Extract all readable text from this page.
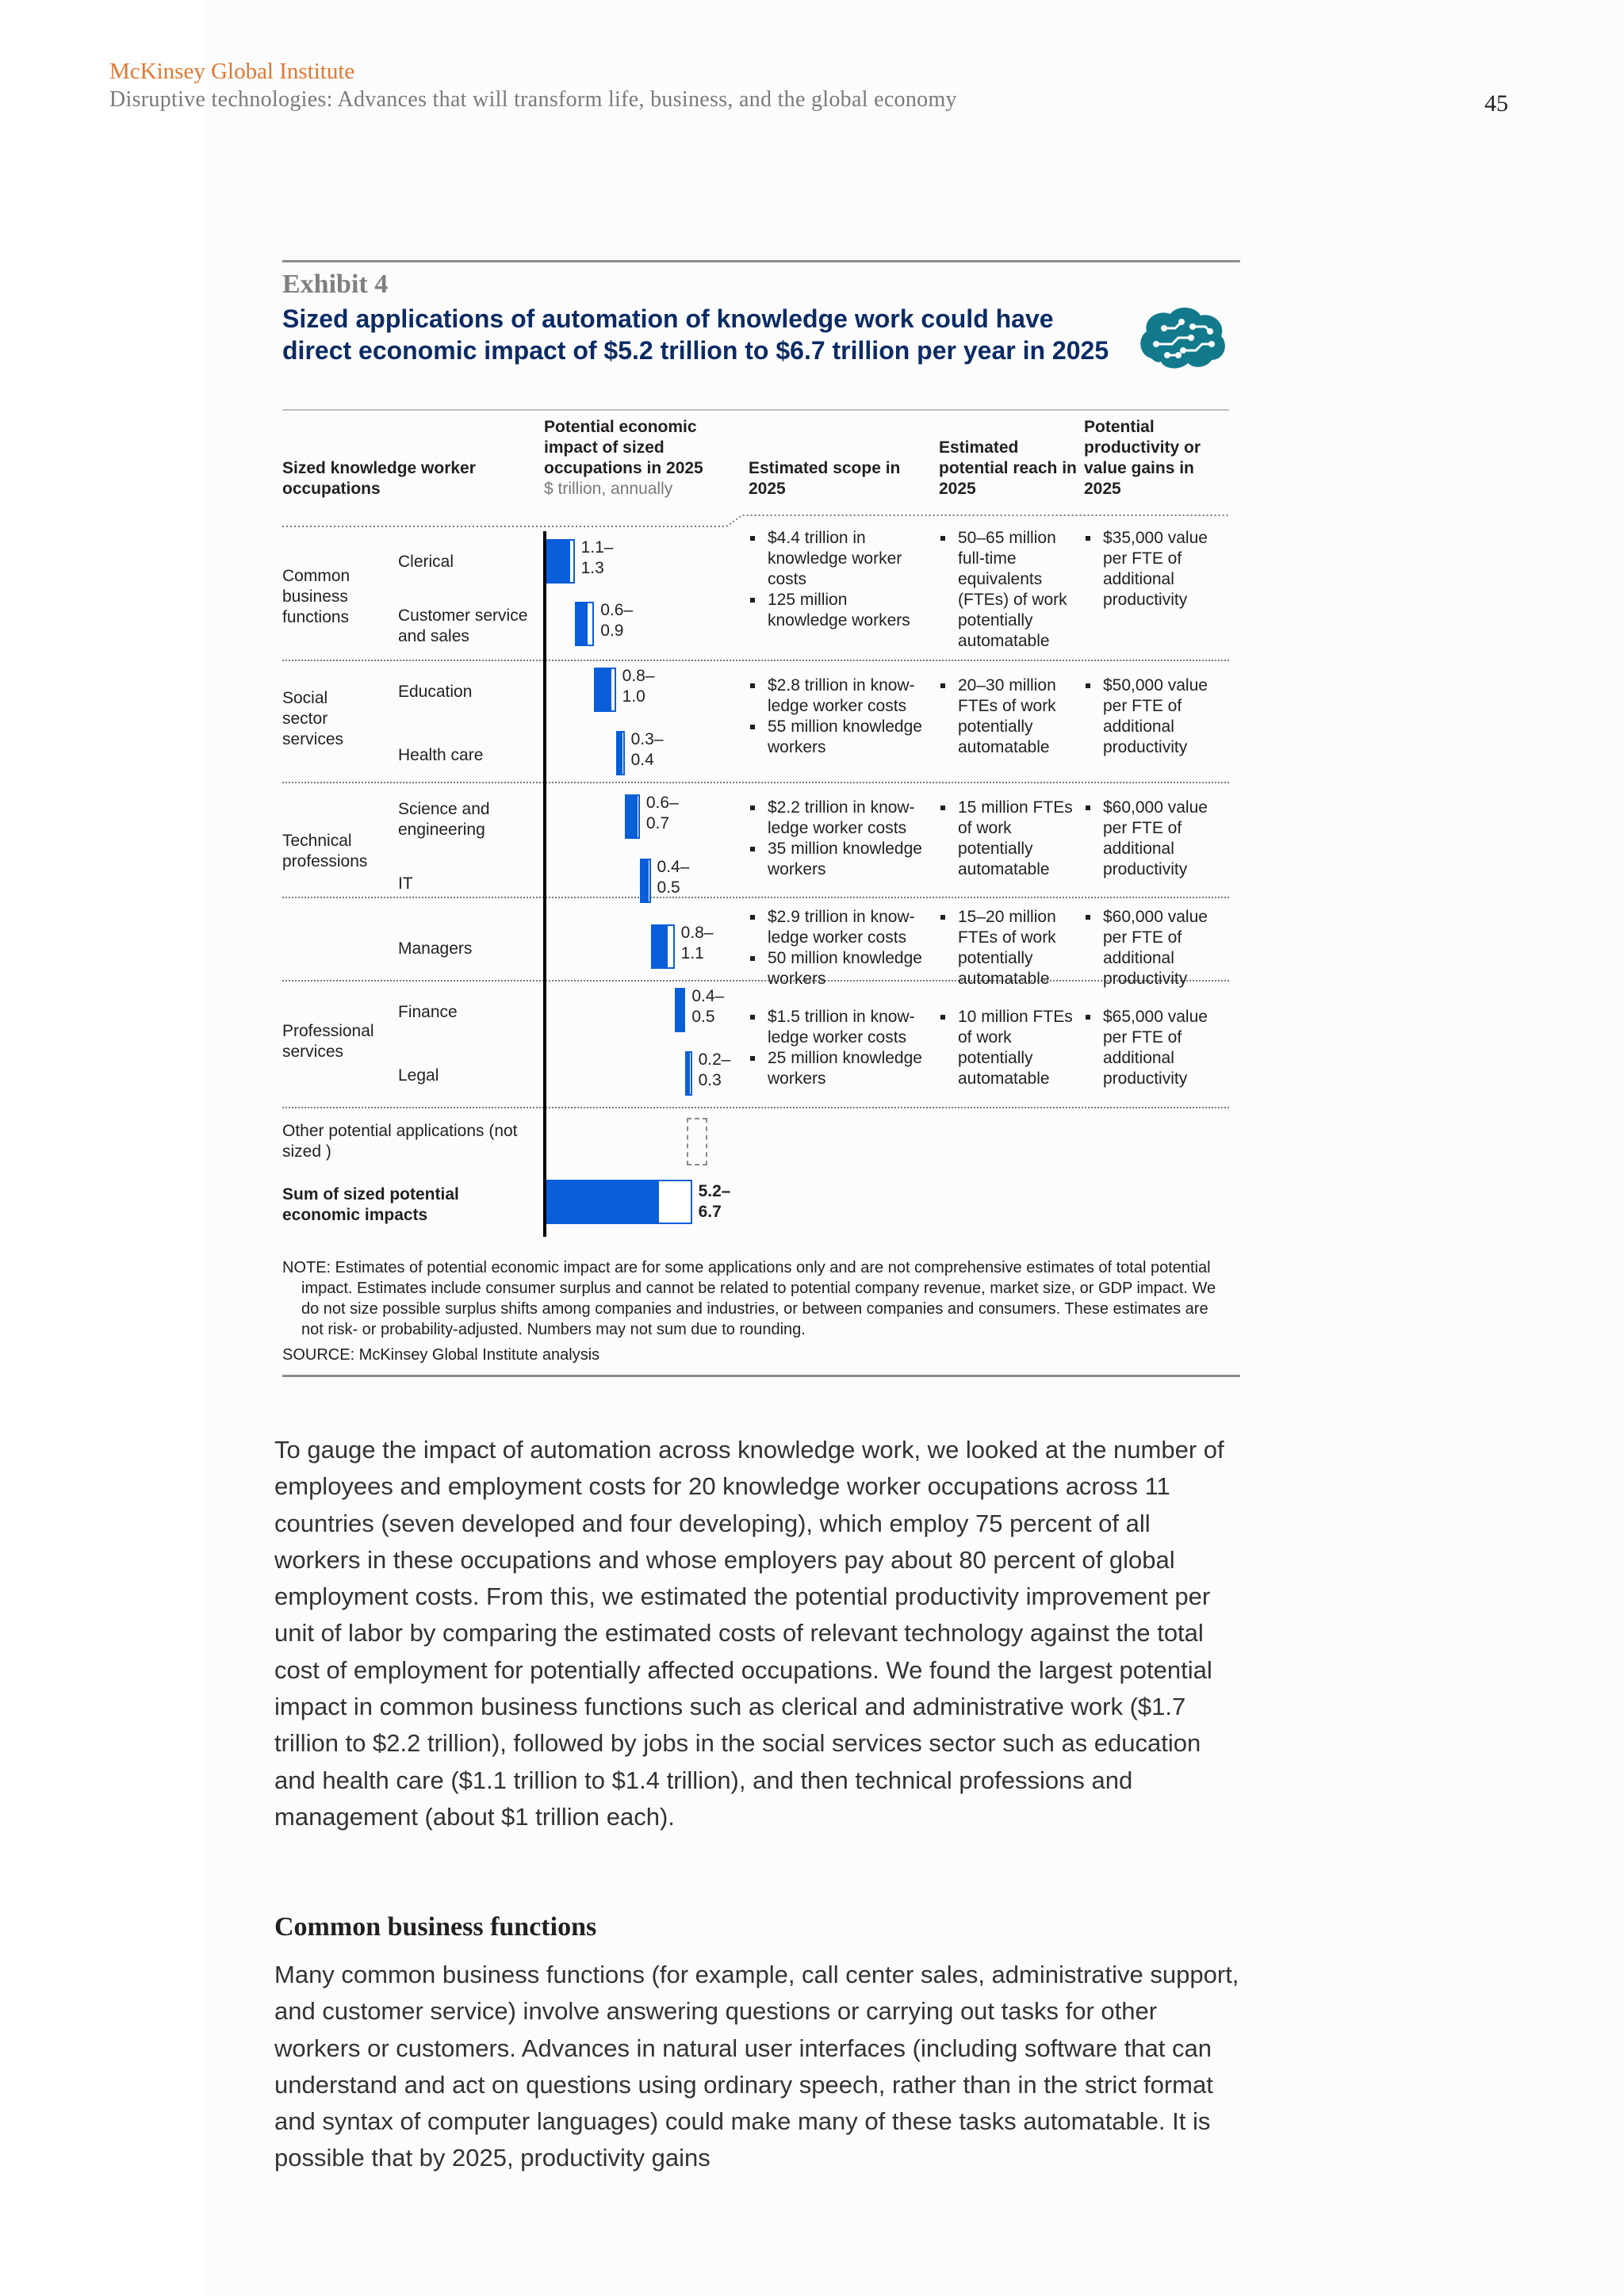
McKinsey Global Institute
Disruptive technologies: Advances that will transform life, business, and the global economy	45
Exhibit 4
Sized applications of automation of knowledge work could have direct economic impact of $5.2 trillion to $6.7 trillion per year in 2025
Sized knowledge worker occupations
Potential economic impact of sized occupations in 2025
$ trillion, annually
Estimated scope in 2025
Estimated potential reach in 2025
Potential productivity or value gains in 2025
Common business functions
Social sector services
Technical professions
Professional services
Clerical
Customer service and sales
Education
Health care
Science and engineering
IT
Managers
Finance
Legal
Other potential applications (not sized )
Sum of sized potential economic impacts
1.1–
1.3
0.6–
0.9
0.8–
1.0
0.3–
0.4
0.6–
0.7
0.4–
0.5
0.8–
1.1
0.4–
0.5
0.2–
0.3
5.2–
6.7
$4.4 trillion in knowledge worker costs
125 million knowledge workers
50–65 million full-time equivalents (FTEs) of work potentially automatable
$35,000 value per FTE of additional productivity
$2.8 trillion in know-ledge worker costs
55 million knowledge workers
20–30 million FTEs of work potentially automatable
$50,000 value per FTE of additional productivity
$2.2 trillion in know-ledge worker costs
35 million knowledge workers
15 million FTEs of work potentially automatable
$60,000 value per FTE of additional productivity
$2.9 trillion in know-ledge worker costs
50 million knowledge workers
15–20 million FTEs of work potentially automatable
$60,000 value per FTE of additional productivity
$1.5 trillion in know-ledge worker costs
25 million knowledge workers
10 million FTEs of work potentially automatable
$65,000 value per FTE of additional productivity

NOTE: Estimates of potential economic impact are for some applications only and are not comprehensive estimates of total potential impact. Estimates include consumer surplus and cannot be related to potential company revenue, market size, or GDP impact. We do not size possible surplus shifts among companies and industries, or between companies and consumers. These estimates are not risk- or probability-adjusted. Numbers may not sum due to rounding.

SOURCE: McKinsey Global Institute analysis
To gauge the impact of automation across knowledge work, we looked at the number of employees and employment costs for 20 knowledge worker occupations across 11 countries (seven developed and four developing), which employ 75 percent of all workers in these occupations and whose employers pay about 80 percent of global employment costs. From this, we estimated the potential productivity improvement per unit of labor by comparing the estimated costs of relevant technology against the total cost of employment for potentially affected occupations. We found the largest potential impact in common business functions such as clerical and administrative work ($1.7 trillion to $2.2 trillion), followed by jobs in the social services sector such as education and health care ($1.1 trillion to $1.4 trillion), and then technical professions and management (about $1 trillion each).
Common business functions
Many common business functions (for example, call center sales, administrative support, and customer service) involve answering questions or carrying out tasks for other workers or customers. Advances in natural user interfaces (including software that can understand and act on questions using ordinary speech, rather than in the strict format and syntax of computer languages) could make many of these tasks automatable. It is possible that by 2025, productivity gains
